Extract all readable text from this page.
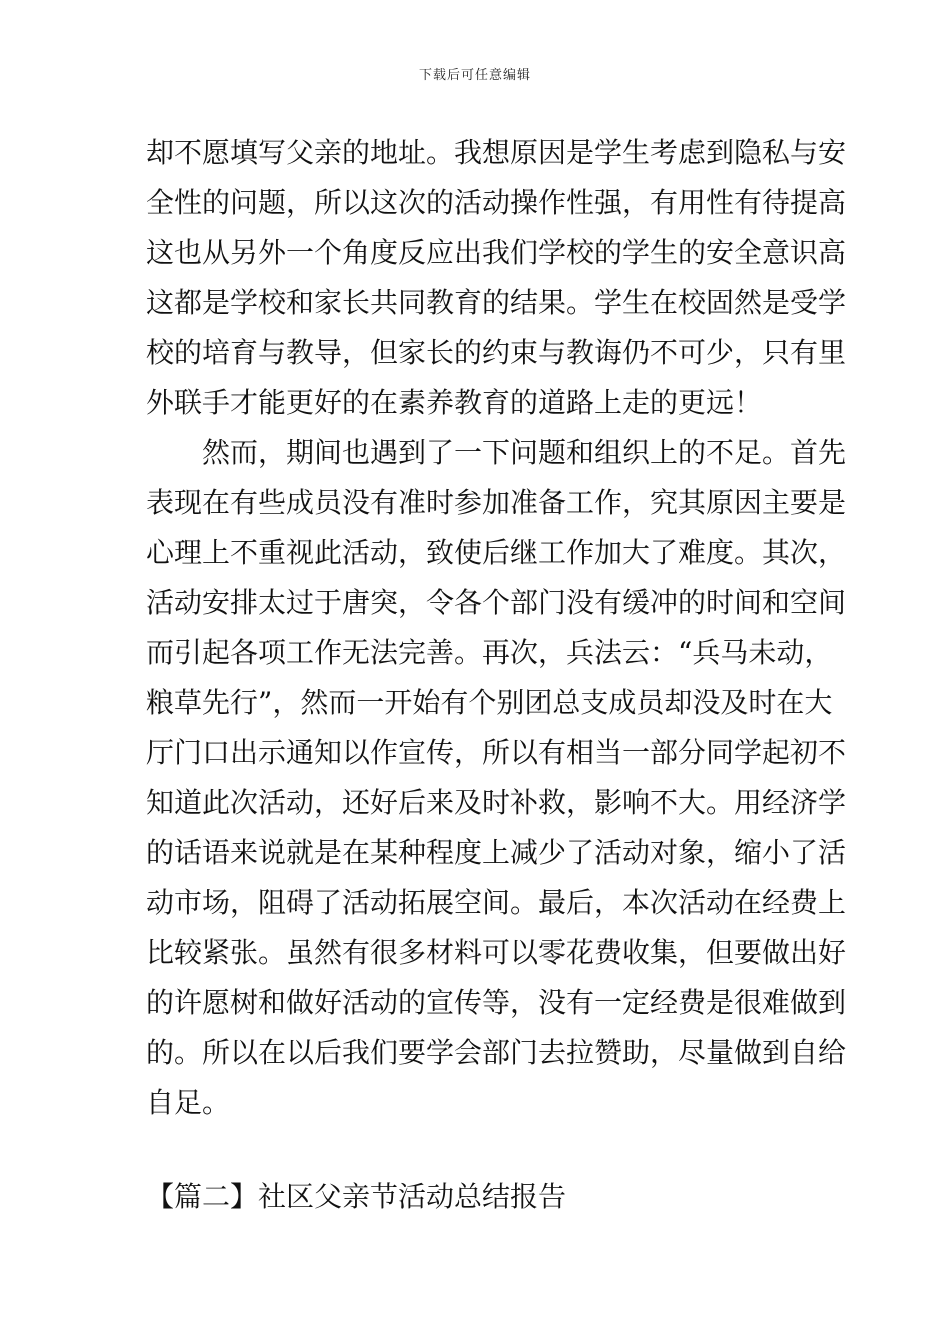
下载后可任意编辑
却不愿填写父亲的地址。我想原因是学生考虑到隐私与安
全性的问题，所以这次的活动操作性强，有用性有待提高
这也从另外一个角度反应出我们学校的学生的安全意识高
这都是学校和家长共同教育的结果。学生在校固然是受学
校的培育与教导，但家长的约束与教诲仍不可少，只有里
外联手才能更好的在素养教育的道路上走的更远！
然而，期间也遇到了一下问题和组织上的不足。首先
表现在有些成员没有准时参加准备工作，究其原因主要是
心理上不重视此活动，致使后继工作加大了难度。其次，
活动安排太过于唐突，令各个部门没有缓冲的时间和空间
而引起各项工作无法完善。再次，兵法云：“兵马未动，
粮草先行”，然而一开始有个别团总支成员却没及时在大
厅门口出示通知以作宣传，所以有相当一部分同学起初不
知道此次活动，还好后来及时补救，影响不大。用经济学
的话语来说就是在某种程度上减少了活动对象，缩小了活
动市场，阻碍了活动拓展空间。最后，本次活动在经费上
比较紧张。虽然有很多材料可以零花费收集，但要做出好
的许愿树和做好活动的宣传等，没有一定经费是很难做到
的。所以在以后我们要学会部门去拉赞助，尽量做到自给
自足。
【篇二】社区父亲节活动总结报告
